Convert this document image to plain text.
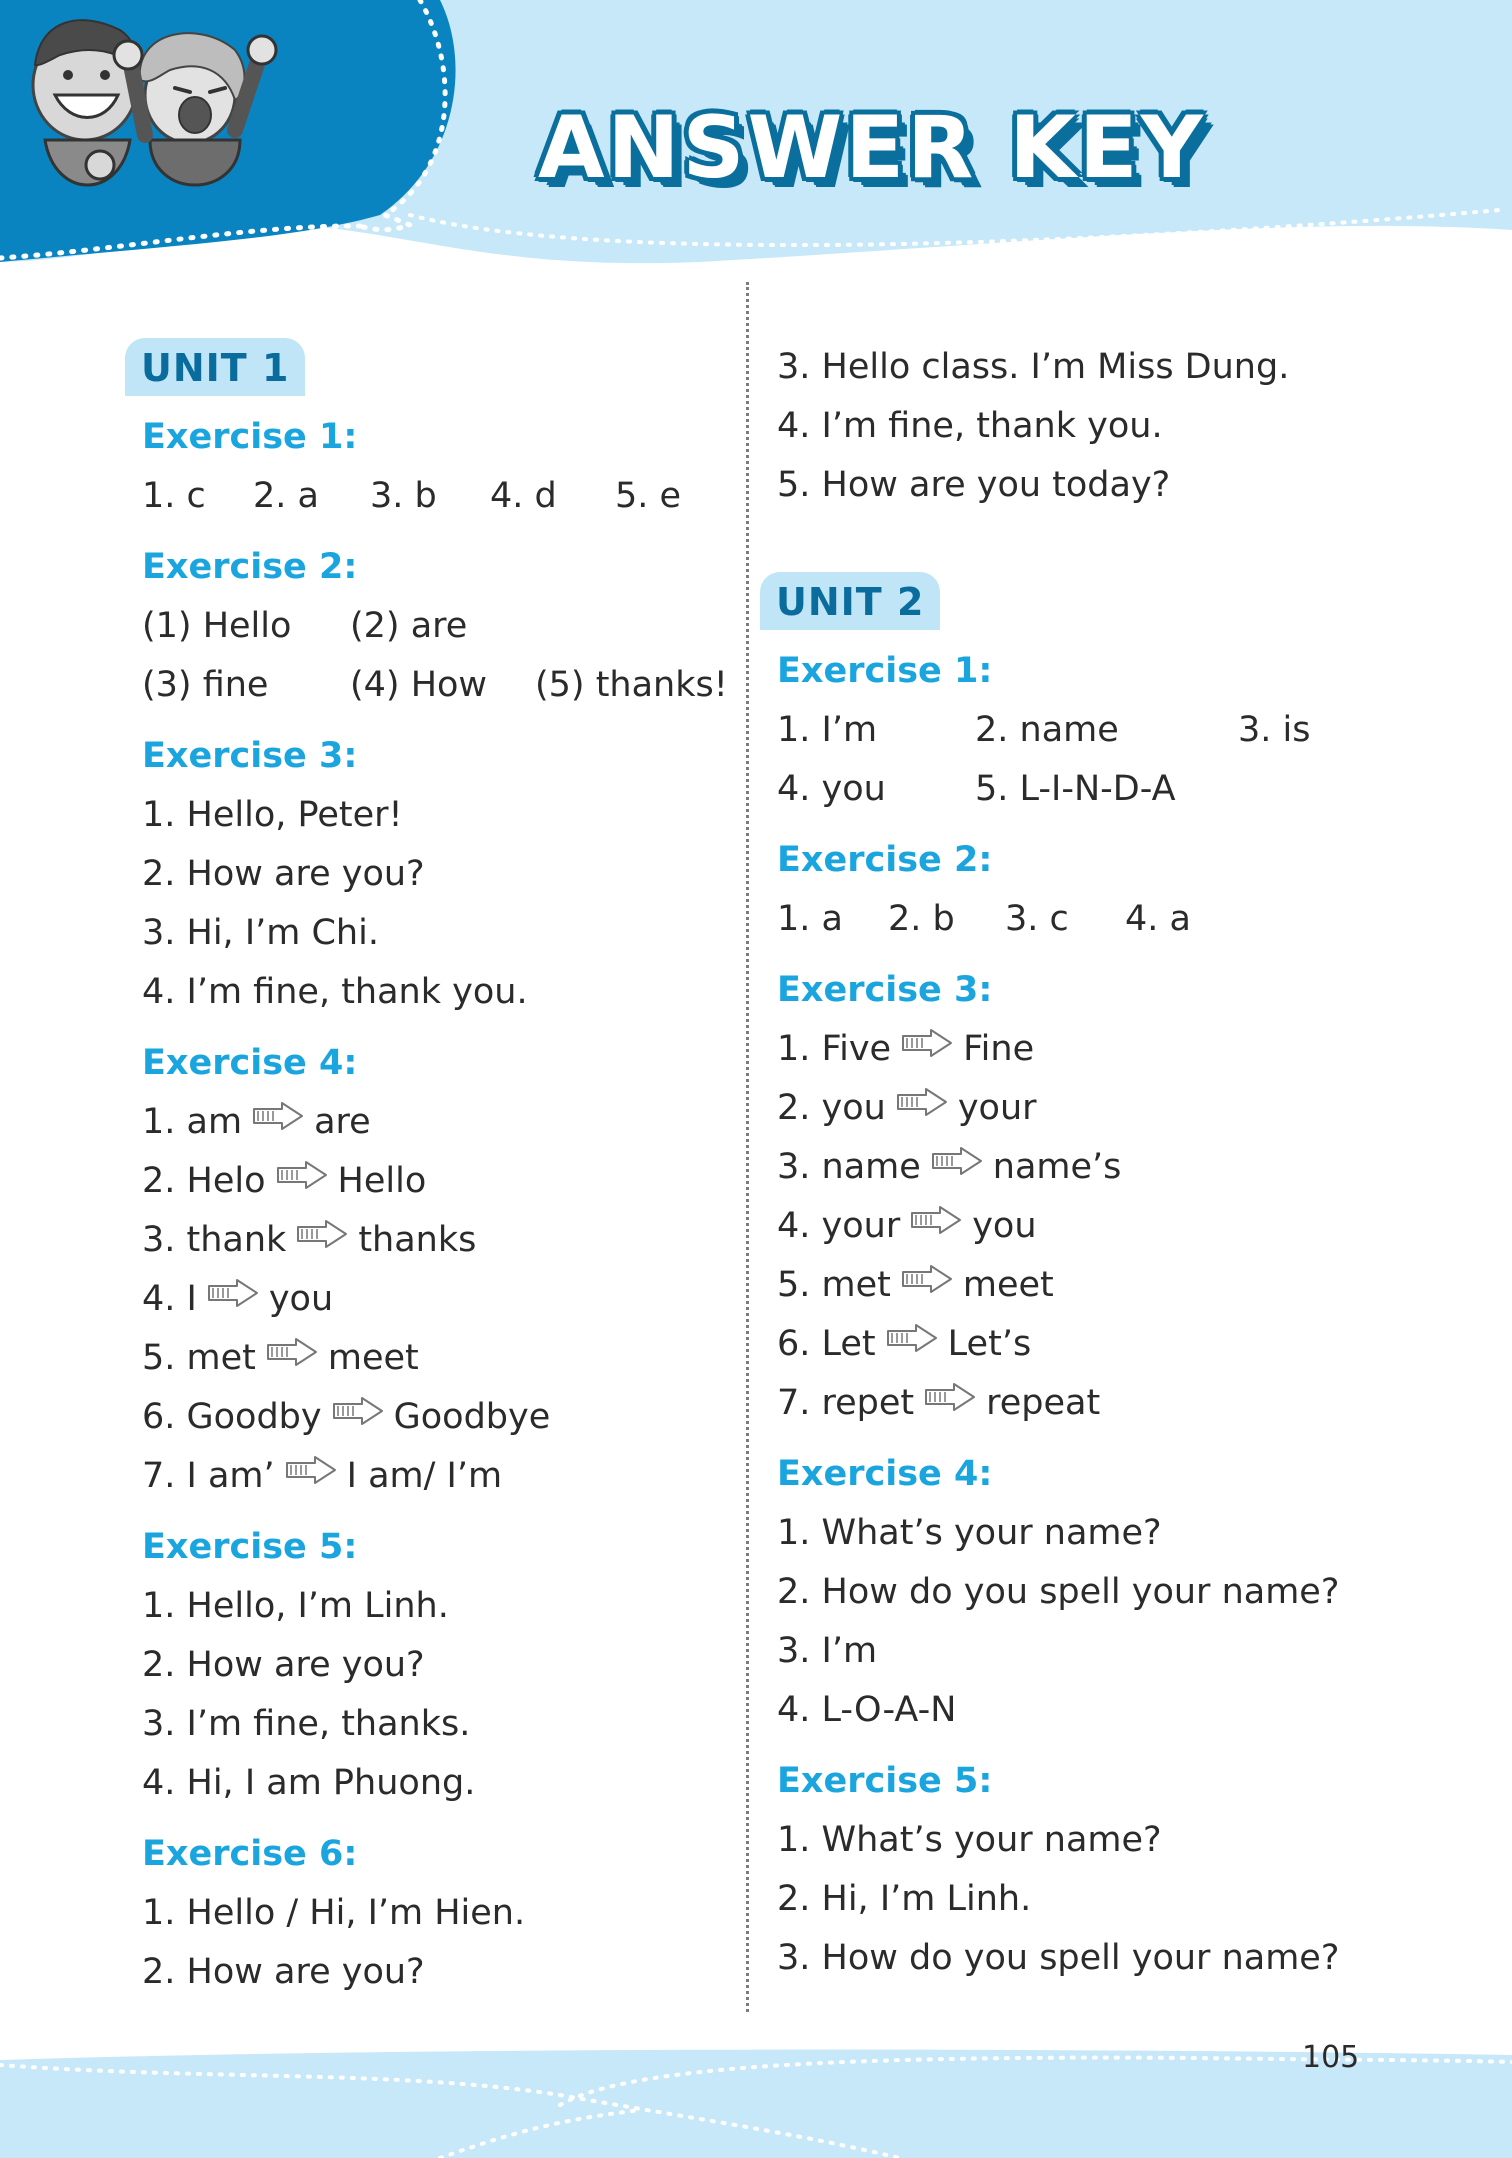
ANSWER KEY
UNIT 1
Exercise 1:
1. c 2. a 3. b 4. d 5. e
Exercise 2:
(1) Hello (2) are
(3) fine (4) How (5) thanks!
Exercise 3:
1. Hello, Peter!
2. How are you?
3. Hi, I’m Chi.
4. I’m fine, thank you.
Exercise 4:
1. am are
2. Helo Hello
3. thank thanks
4. I you
5. met meet
6. Goodby Goodbye
7. I am’ I am/ I’m
Exercise 5:
1. Hello, I’m Linh.
2. How are you?
3. I’m fine, thanks.
4. Hi, I am Phuong.
Exercise 6:
1. Hello / Hi, I’m Hien.
2. How are you?
3. Hello class. I’m Miss Dung.
4. I’m fine, thank you.
5. How are you today?
UNIT 2
Exercise 1:
1. I’m	2. name	3. is
4. you	5. L-I-N-D-A
Exercise 2:
1. a 2. b 3. c 4. a
Exercise 3:
1. Five Fine
2. you your
3. name name’s
4. your you
5. met meet
6. Let Let’s
7. repet repeat
Exercise 4:
1. What’s your name?
2. How do you spell your name?
3. I’m
4. L-O-A-N
Exercise 5:
1. What’s your name?
2. Hi, I’m Linh.
3. How do you spell your name?
105
